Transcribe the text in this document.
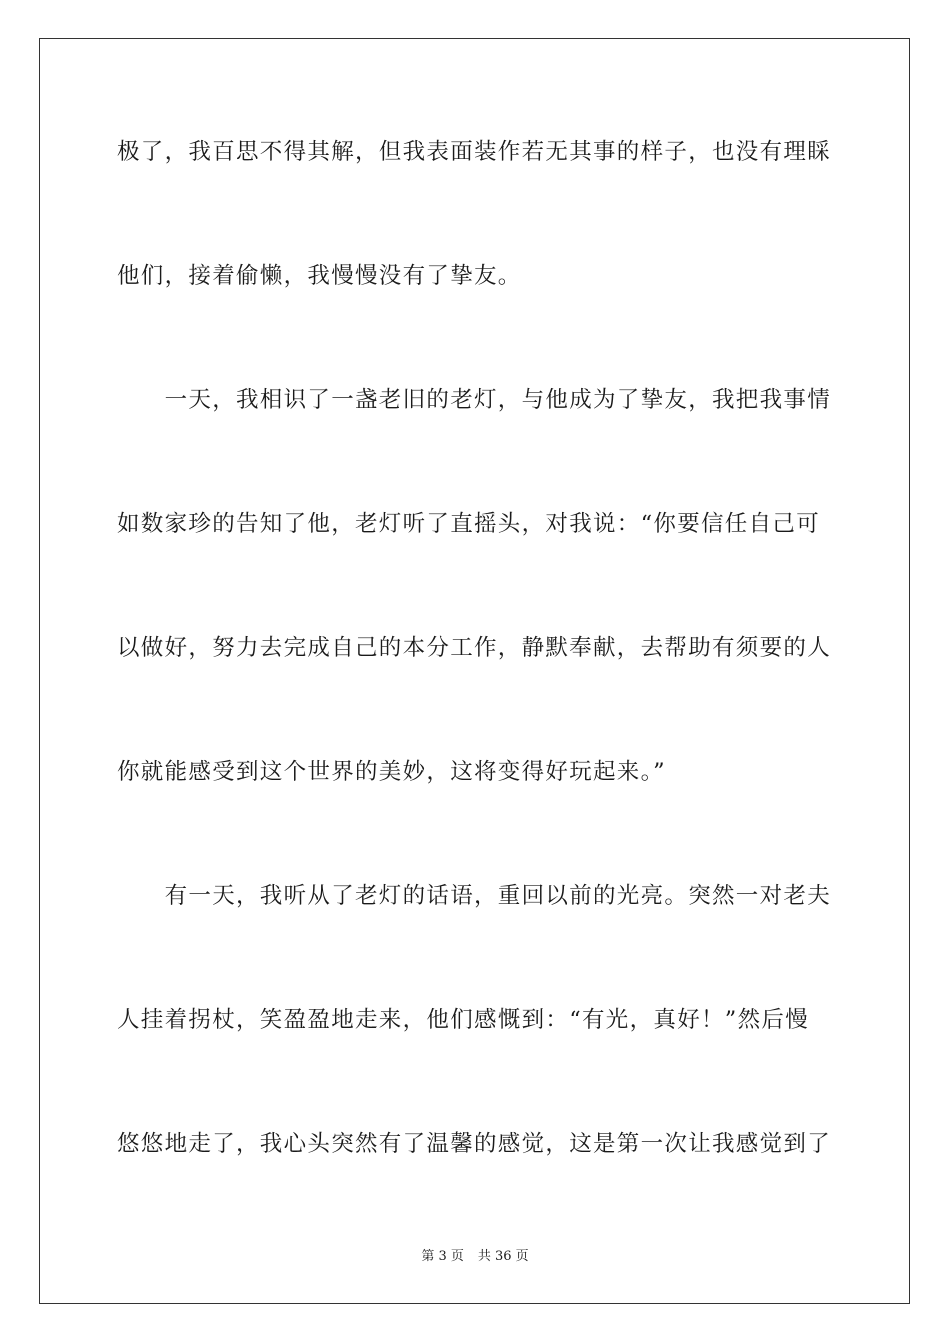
极了，我百思不得其解，但我表面装作若无其事的样子，也没有理睬
他们，接着偷懒，我慢慢没有了挚友。
　　一天，我相识了一盏老旧的老灯，与他成为了挚友，我把我事情
如数家珍的告知了他，老灯听了直摇头，对我说：“你要信任自己可
以做好，努力去完成自己的本分工作，静默奉献，去帮助有须要的人
你就能感受到这个世界的美妙，这将变得好玩起来。”
　　有一天，我听从了老灯的话语，重回以前的光亮。突然一对老夫
人挂着拐杖，笑盈盈地走来，他们感慨到：“有光，真好！”然后慢
悠悠地走了，我心头突然有了温馨的感觉，这是第一次让我感觉到了
第 3 页 共 36 页
